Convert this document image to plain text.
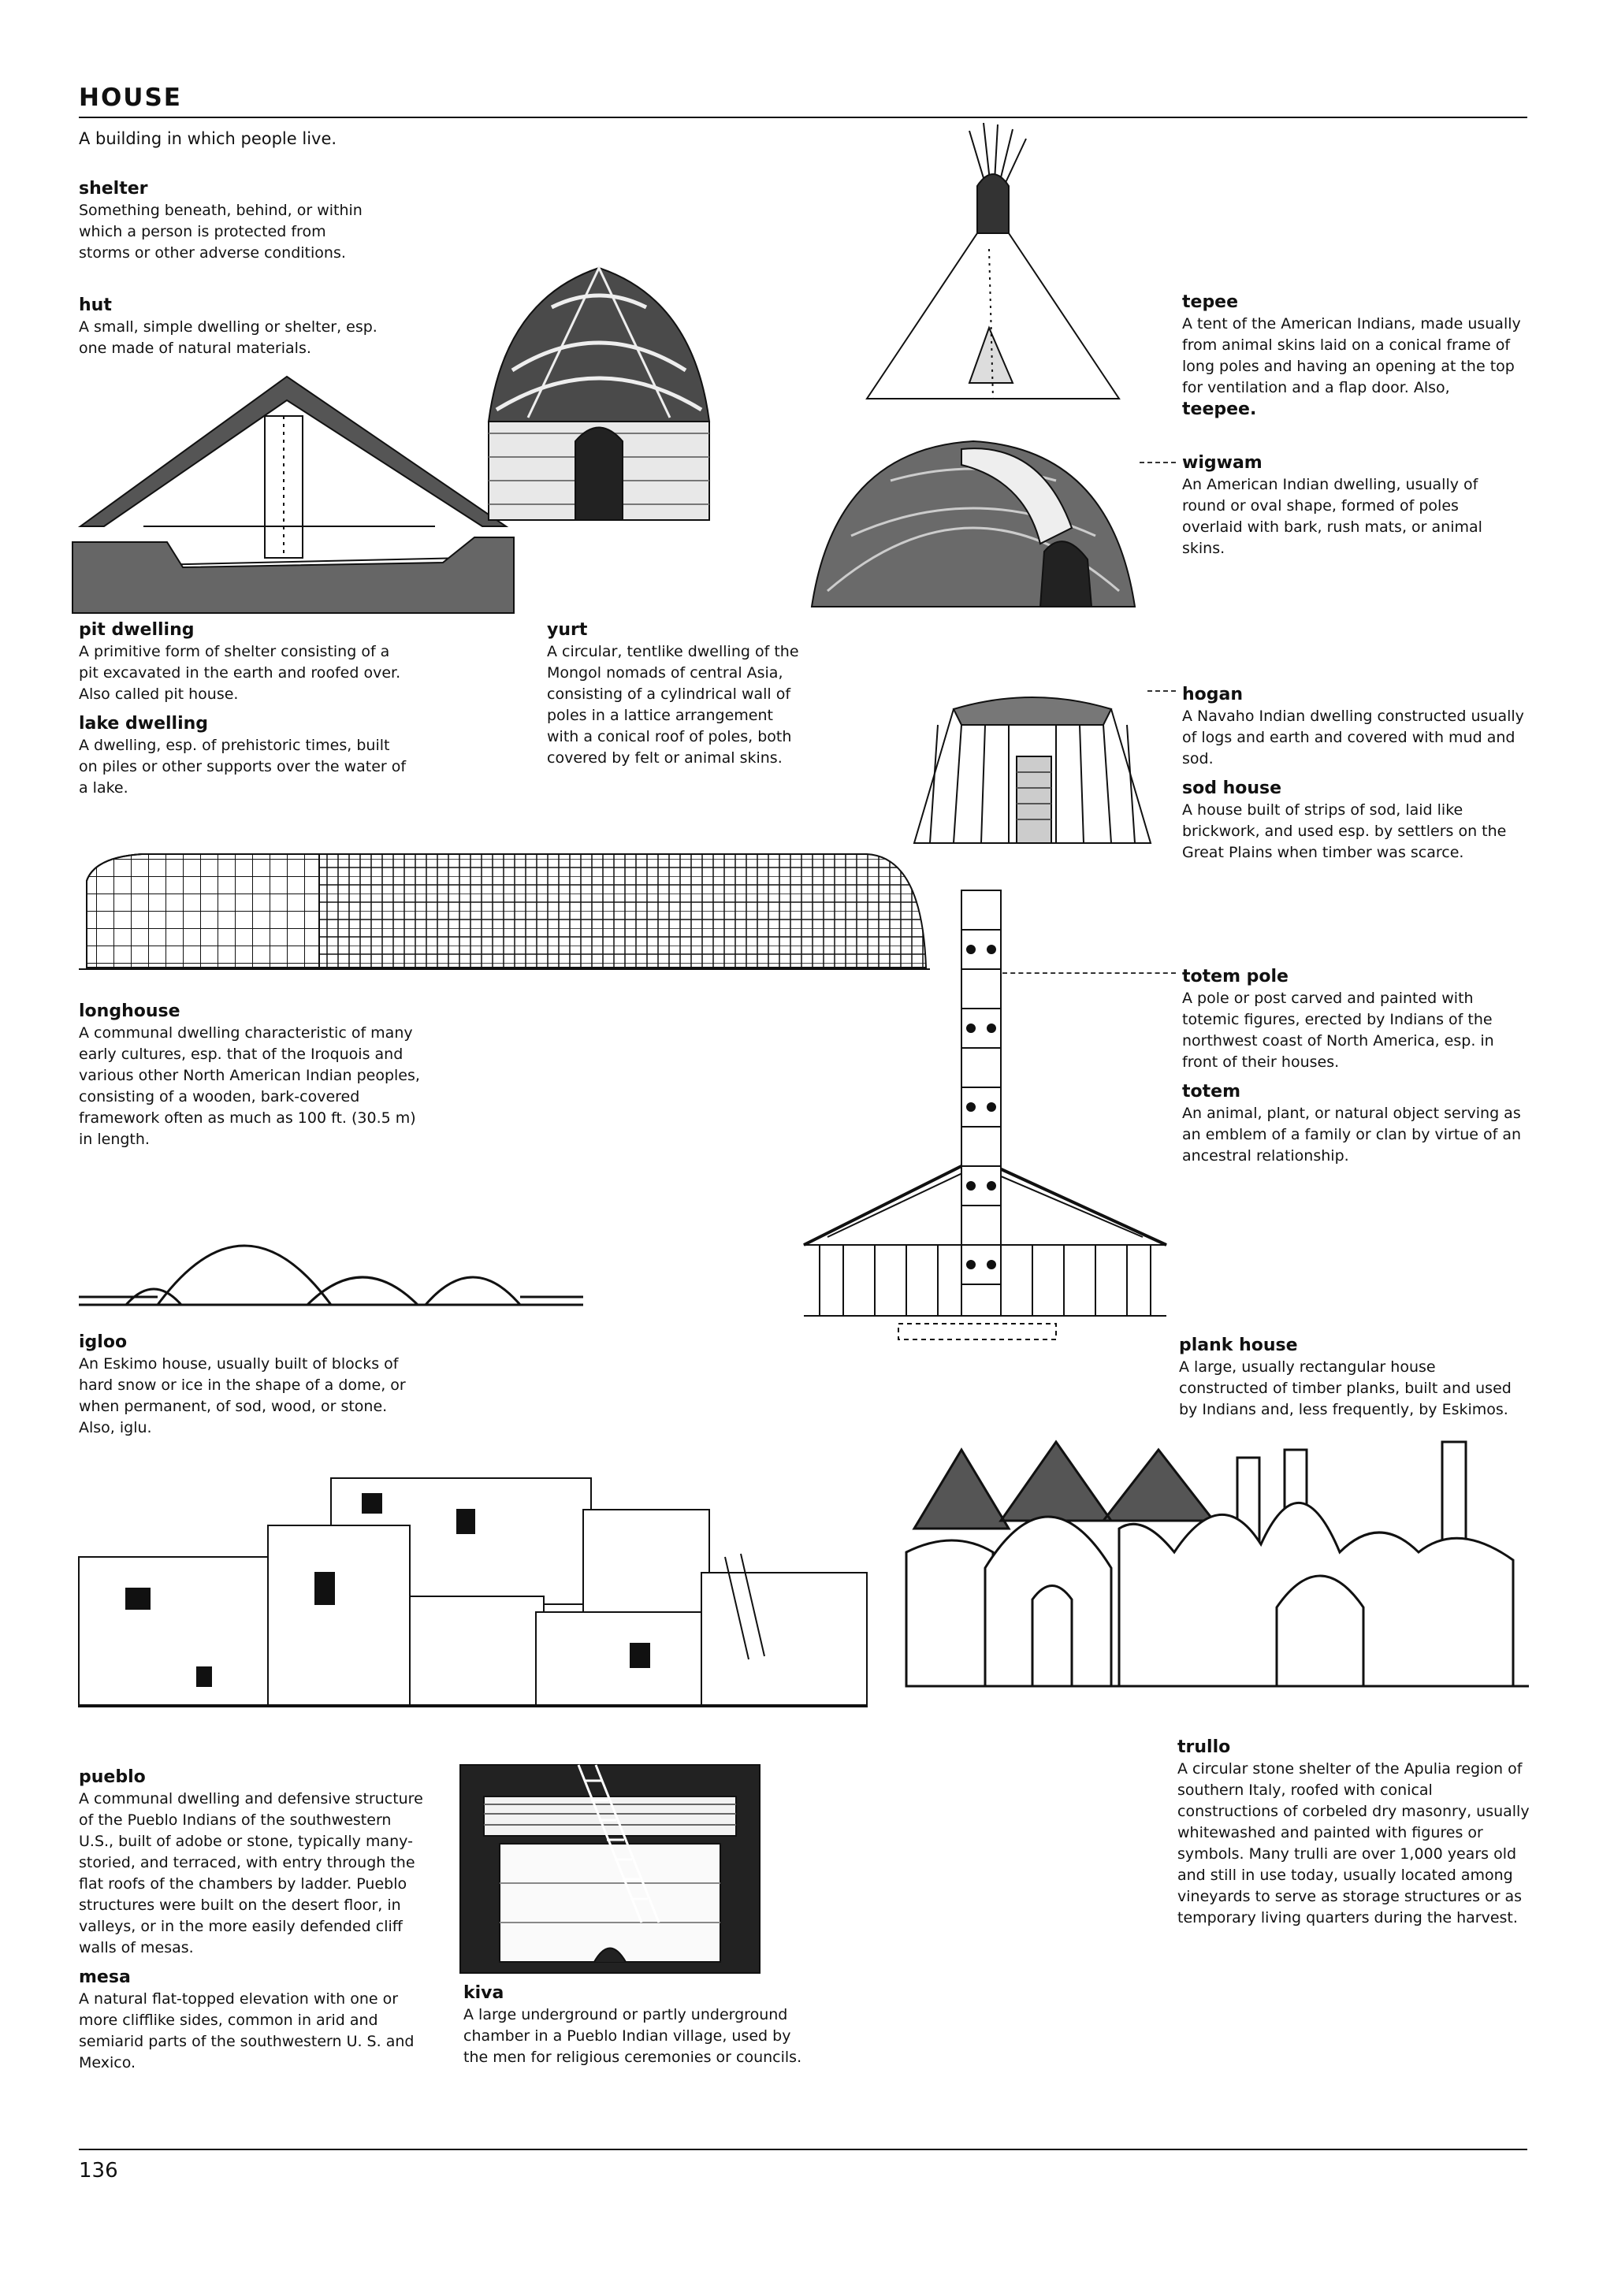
HOUSE
A building in which people live.
shelter
Something beneath, behind, or within which a person is protected from storms or other adverse conditions.
hut
A small, simple dwelling or shelter, esp. one made of natural materials.
pit dwelling
A primitive form of shelter consisting of a pit excavated in the earth and roofed over. Also called pit house.
lake dwelling
A dwelling, esp. of prehistoric times, built on piles or other supports over the water of a lake.
yurt
A circular, tentlike dwelling of the Mongol nomads of central Asia, consisting of a cylindrical wall of poles in a lattice arrangement with a conical roof of poles, both covered by felt or animal skins.
tepee
A tent of the American Indians, made usually from animal skins laid on a conical frame of long poles and having an opening at the top for ventilation and a flap door. Also,
teepee.
wigwam
An American Indian dwelling, usually of round or oval shape, formed of poles overlaid with bark, rush mats, or animal skins.
hogan
A Navaho Indian dwelling constructed usually of logs and earth and covered with mud and sod.
sod house
A house built of strips of sod, laid like brickwork, and used esp. by settlers on the Great Plains when timber was scarce.
longhouse
A communal dwelling characteristic of many early cultures, esp. that of the Iroquois and various other North American Indian peoples, consisting of a wooden, bark-covered framework often as much as 100 ft. (30.5 m) in length.
totem pole
A pole or post carved and painted with totemic figures, erected by Indians of the northwest coast of North America, esp. in front of their houses.
totem
An animal, plant, or natural object serving as an emblem of a family or clan by virtue of an ancestral relationship.
igloo
An Eskimo house, usually built of blocks of hard snow or ice in the shape of a dome, or when permanent, of sod, wood, or stone. Also, iglu.
plank house
A large, usually rectangular house constructed of timber planks, built and used by Indians and, less frequently, by Eskimos.
pueblo
A communal dwelling and defensive structure of the Pueblo Indians of the southwestern U.S., built of adobe or stone, typically many-storied, and terraced, with entry through the flat roofs of the chambers by ladder. Pueblo structures were built on the desert floor, in valleys, or in the more easily defended cliff walls of mesas.
mesa
A natural flat-topped elevation with one or more clifflike sides, common in arid and semiarid parts of the southwestern U. S. and Mexico.
kiva
A large underground or partly underground chamber in a Pueblo Indian village, used by the men for religious ceremonies or councils.
trullo
A circular stone shelter of the Apulia region of southern Italy, roofed with conical constructions of corbeled dry masonry, usually whitewashed and painted with figures or symbols. Many trulli are over 1,000 years old and still in use today, usually located among vineyards to serve as storage structures or as temporary living quarters during the harvest.
136
